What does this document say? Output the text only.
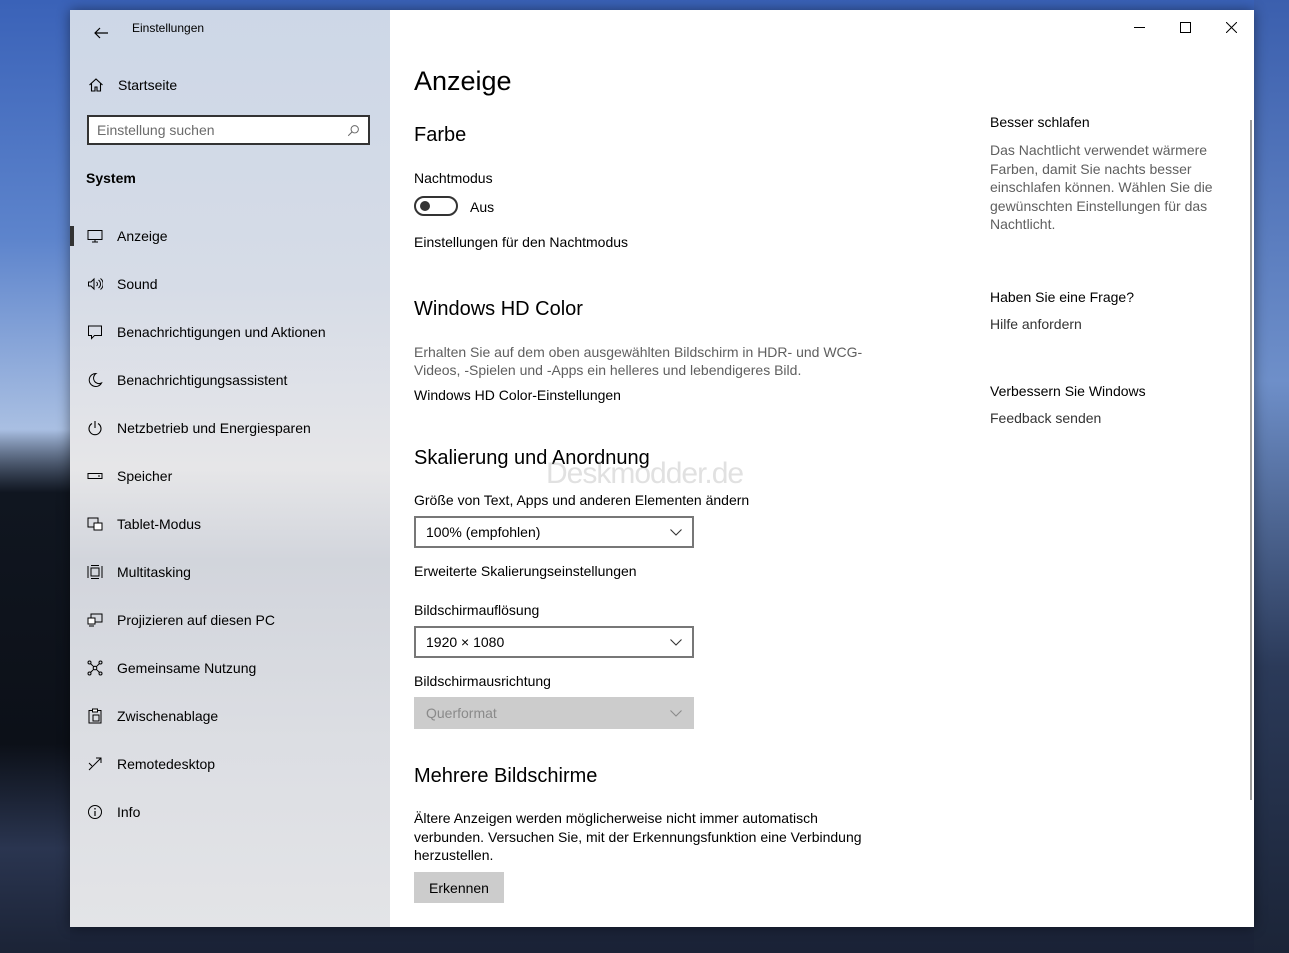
Einstellungen
Startseite
Einstellung suchen
System
Anzeige
Sound
Benachrichtigungen und Aktionen
Benachrichtigungsassistent
Netzbetrieb und Energiesparen
Speicher
Tablet-Modus
Multitasking
Projizieren auf diesen PC
Gemeinsame Nutzung
Zwischenablage
Remotedesktop
Info
Anzeige
Farbe
Nachtmodus
Aus
Einstellungen für den Nachtmodus
Windows HD Color
Erhalten Sie auf dem oben ausgewählten Bildschirm in HDR- und WCG-
Videos, -Spielen und -Apps ein helleres und lebendigeres Bild.
Windows HD Color-Einstellungen
Skalierung und Anordnung
Deskmodder.de
Größe von Text, Apps und anderen Elementen ändern
100% (empfohlen)
Erweiterte Skalierungseinstellungen
Bildschirmauflösung
1920 × 1080
Bildschirmausrichtung
Querformat
Mehrere Bildschirme
Ältere Anzeigen werden möglicherweise nicht immer automatisch
verbunden. Versuchen Sie, mit der Erkennungsfunktion eine Verbindung
herzustellen.
Erkennen
Besser schlafen
Das Nachtlicht verwendet wärmere Farben, damit Sie nachts besser einschlafen können. Wählen Sie die gewünschten Einstellungen für das Nachtlicht.
Haben Sie eine Frage?
Hilfe anfordern
Verbessern Sie Windows
Feedback senden
